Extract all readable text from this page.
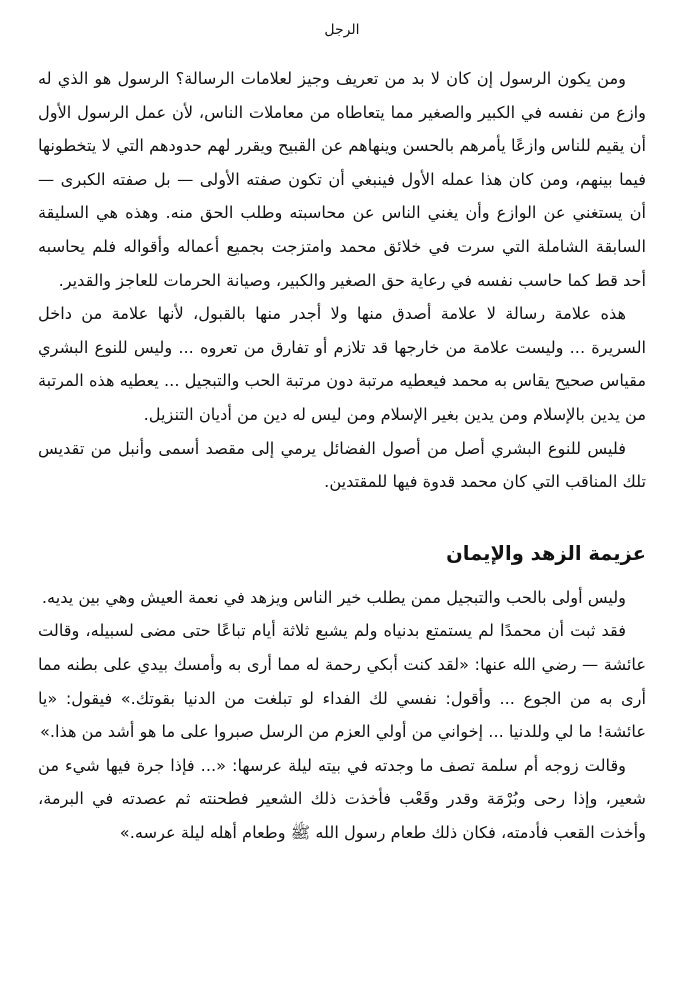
الرجل

ومن يكون الرسول إن كان لا بد من تعريف وجيز لعلامات الرسالة؟ الرسول هو الذي له وازع من نفسه في الكبير والصغير مما يتعاطاه من معاملات الناس، لأن عمل الرسول الأول أن يقيم للناس وازعًا يأمرهم بالحسن وينهاهم عن القبيح ويقرر لهم حدودهم التي لا يتخطونها فيما بينهم، ومن كان هذا عمله الأول فينبغي أن تكون صفته الأولى — بل صفته الكبرى — أن يستغني عن الوازع وأن يغني الناس عن محاسبته وطلب الحق منه. وهذه هي السليقة السابقة الشاملة التي سرت في خلائق محمد وامتزجت بجميع أعماله وأقواله فلم يحاسبه أحد قط كما حاسب نفسه في رعاية حق الصغير والكبير، وصيانة الحرمات للعاجز والقدير.

هذه علامة رسالة لا علامة أصدق منها ولا أجدر منها بالقبول، لأنها علامة من داخل السريرة ... وليست علامة من خارجها قد تلازم أو تفارق من تعروه ... وليس للنوع البشري مقياس صحيح يقاس به محمد فيعطيه مرتبة دون مرتبة الحب والتبجيل ... يعطيه هذه المرتبة من يدين بالإسلام ومن يدين بغير الإسلام ومن ليس له دين من أديان التنزيل.

فليس للنوع البشري أصل من أصول الفضائل يرمي إلى مقصد أسمى وأنبل من تقديس تلك المناقب التي كان محمد قدوة فيها للمقتدين.

عزيمة الزهد والإيمان

وليس أولى بالحب والتبجيل ممن يطلب خير الناس ويزهد في نعمة العيش وهي بين يديه.

فقد ثبت أن محمدًا لم يستمتع بدنياه ولم يشبع ثلاثة أيام تباعًا حتى مضى لسبيله، وقالت عائشة — رضي الله عنها: «لقد كنت أبكي رحمة له مما أرى به وأمسك بيدي على بطنه مما أرى به من الجوع ... وأقول: نفسي لك الفداء لو تبلغت من الدنيا بقوتك.» فيقول: «يا عائشة! ما لي وللدنيا ... إخواني من أولي العزم من الرسل صبروا على ما هو أشد من هذا.»

وقالت زوجه أم سلمة تصف ما وجدته في بيته ليلة عرسها: «... فإذا جرة فيها شيء من شعير، وإذا رحى وبُرْمَة وقدر وقَعْب فأخذت ذلك الشعير فطحنته ثم عصدته في البرمة، وأخذت القعب فأدمته، فكان ذلك طعام رسول الله ﷺ وطعام أهله ليلة عرسه.»
